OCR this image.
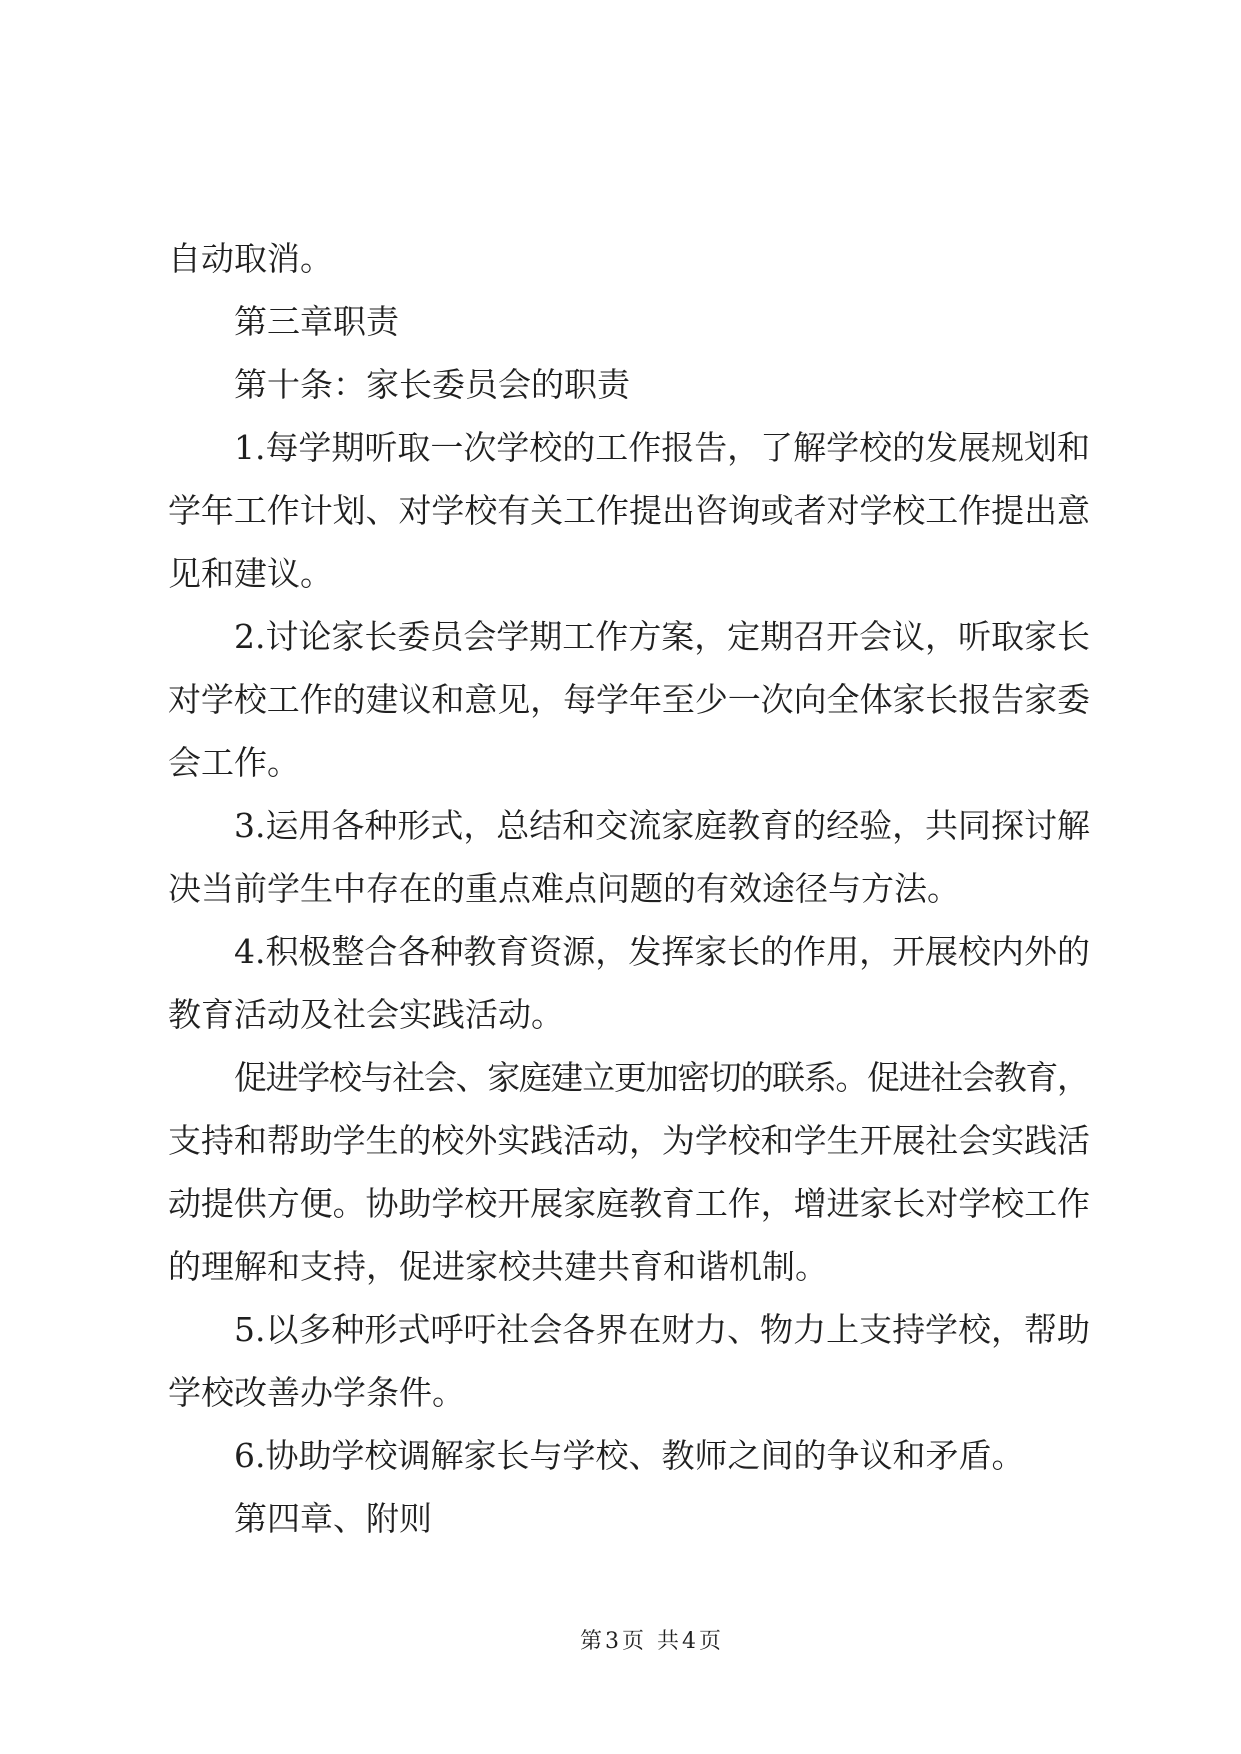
自动取消。
第三章职责
第十条：家长委员会的职责
1.每学期听取一次学校的工作报告，了解学校的发展规划和
学年工作计划、对学校有关工作提出咨询或者对学校工作提出意
见和建议。
2.讨论家长委员会学期工作方案，定期召开会议，听取家长
对学校工作的建议和意见，每学年至少一次向全体家长报告家委
会工作。
3.运用各种形式，总结和交流家庭教育的经验，共同探讨解
决当前学生中存在的重点难点问题的有效途径与方法。
4.积极整合各种教育资源，发挥家长的作用，开展校内外的
教育活动及社会实践活动。
促进学校与社会、家庭建立更加密切的联系。促进社会教育，
支持和帮助学生的校外实践活动，为学校和学生开展社会实践活
动提供方便。协助学校开展家庭教育工作，增进家长对学校工作
的理解和支持，促进家校共建共育和谐机制。
5.以多种形式呼吁社会各界在财力、物力上支持学校，帮助
学校改善办学条件。
6.协助学校调解家长与学校、教师之间的争议和矛盾。
第四章、附则
第3页 共4页
